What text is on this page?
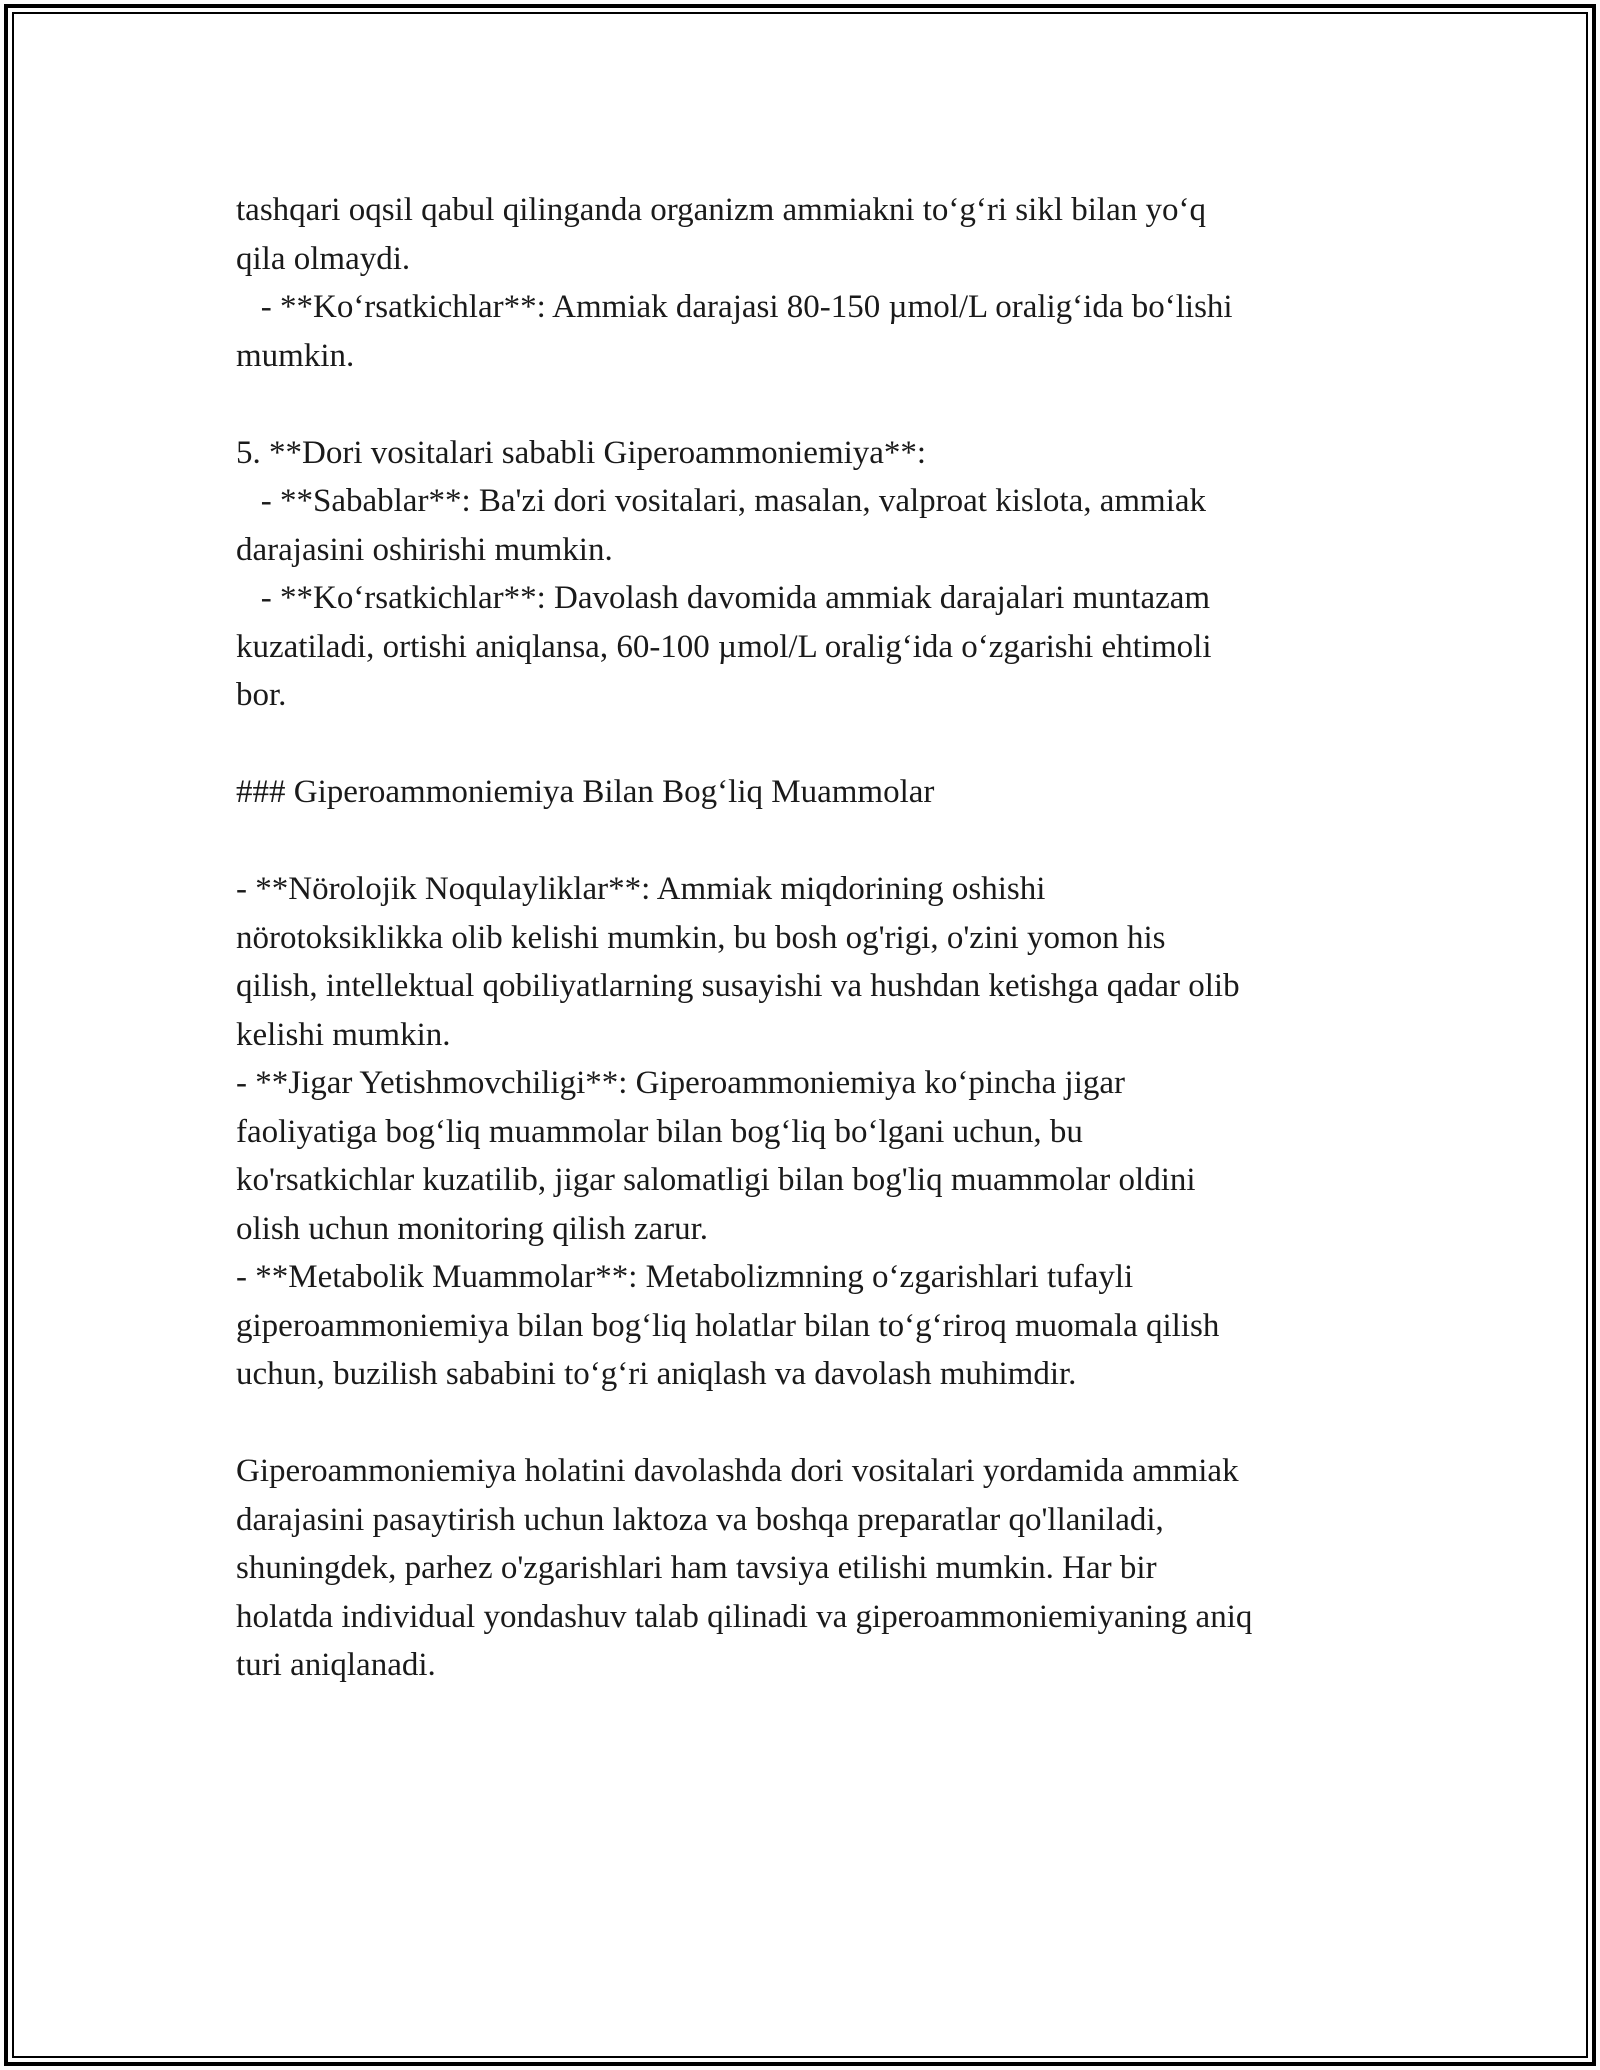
tashqari oqsil qabul qilinganda organizm ammiakni to‘g‘ri sikl bilan yo‘q
qila olmaydi.
- **Ko‘rsatkichlar**: Ammiak darajasi 80-150 µmol/L oralig‘ida bo‘lishi
mumkin.
5. **Dori vositalari sababli Giperoammoniemiya**:
- **Sabablar**: Ba'zi dori vositalari, masalan, valproat kislota, ammiak
darajasini oshirishi mumkin.
- **Ko‘rsatkichlar**: Davolash davomida ammiak darajalari muntazam
kuzatiladi, ortishi aniqlansa, 60-100 µmol/L oralig‘ida o‘zgarishi ehtimoli
bor.
### Giperoammoniemiya Bilan Bog‘liq Muammolar
- **Nörolojik Noqulayliklar**: Ammiak miqdorining oshishi
nörotoksiklikka olib kelishi mumkin, bu bosh og'rigi, o'zini yomon his
qilish, intellektual qobiliyatlarning susayishi va hushdan ketishga qadar olib
kelishi mumkin.
- **Jigar Yetishmovchiligi**: Giperoammoniemiya ko‘pincha jigar
faoliyatiga bog‘liq muammolar bilan bog‘liq bo‘lgani uchun, bu
ko'rsatkichlar kuzatilib, jigar salomatligi bilan bog'liq muammolar oldini
olish uchun monitoring qilish zarur.
- **Metabolik Muammolar**: Metabolizmning o‘zgarishlari tufayli
giperoammoniemiya bilan bog‘liq holatlar bilan to‘g‘riroq muomala qilish
uchun, buzilish sababini to‘g‘ri aniqlash va davolash muhimdir.
Giperoammoniemiya holatini davolashda dori vositalari yordamida ammiak
darajasini pasaytirish uchun laktoza va boshqa preparatlar qo'llaniladi,
shuningdek, parhez o'zgarishlari ham tavsiya etilishi mumkin. Har bir
holatda individual yondashuv talab qilinadi va giperoammoniemiyaning aniq
turi aniqlanadi.
